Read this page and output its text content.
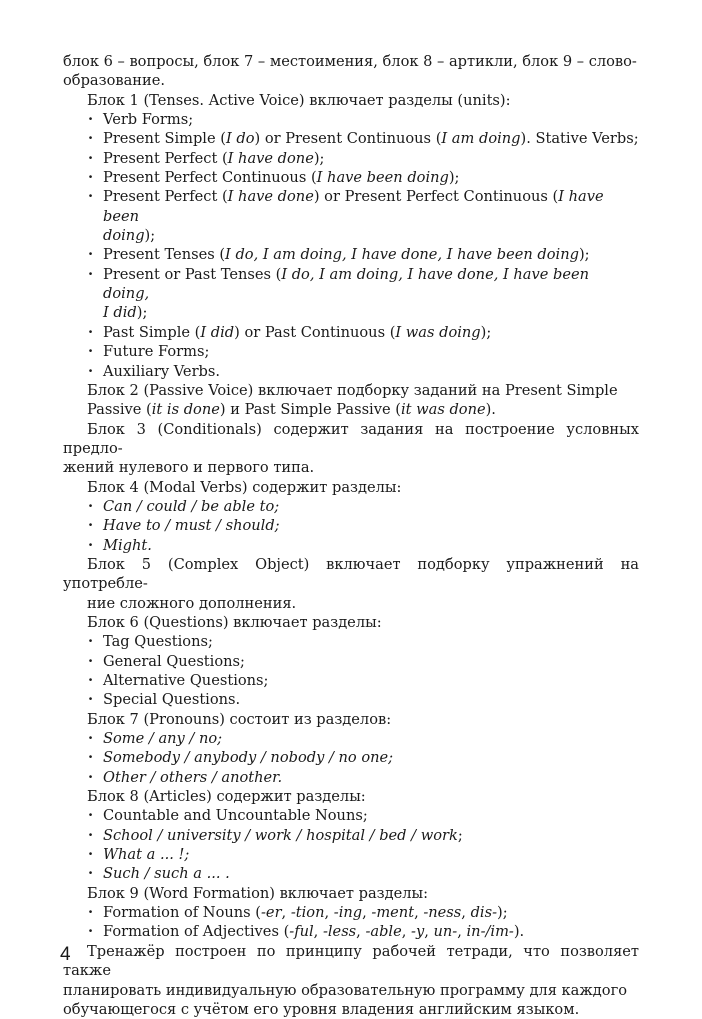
блок 6 – вопросы, блок 7 – местоимения, блок 8 – артикли, блок 9 – слово-
образование.

Блок 1 (Tenses. Active Voice) включает разделы (units):

· Verb Forms;
· Present Simple (I do) or Present Continuous (I am doing). Stative Verbs;
· Present Perfect (I have done);
· Present Perfect Continuous (I have been doing);
· Present Perfect (I have done) or Present Perfect Continuous (I have been
doing);
· Present Tenses (I do, I am doing, I have done, I have been doing);
· Present or Past Tenses (I do, I am doing, I have done, I have been doing,
I did);
· Past Simple (I did) or Past Continuous (I was doing);
· Future Forms;
· Auxiliary Verbs.

Блок 2 (Passive Voice) включает подборку заданий на Present Simple
Passive (it is done) и Past Simple Passive (it was done).

Блок 3 (Conditionals) содержит задания на построение условных предло-
жений нулевого и первого типа.

Блок 4 (Modal Verbs) содержит разделы:

· Can / could / be able to;
· Have to / must / should;
· Might.

Блок 5 (Complex Object) включает подборку упражнений на употребле-
ние сложного дополнения.

Блок 6 (Questions) включает разделы:

· Tag Questions;
· General Questions;
· Alternative Questions;
· Special Questions.

Блок 7 (Pronouns) состоит из разделов:

· Some / any / no;
· Somebody / anybody / nobody / no one;
· Other / others / another.

Блок 8 (Articles) содержит разделы:

· Countable and Uncountable Nouns;
· School / university / work / hospital / bed / work;
· What a ... !;
· Such / such a ... .

Блок 9 (Word Formation) включает разделы:

· Formation of Nouns (-er, -tion, -ing, -ment, -ness, dis-);
· Formation of Adjectives (-ful, -less, -able, -y, un-, in-/im-).

Тренажёр построен по принципу рабочей тетради, что позволяет также
планировать индивидуальную образовательную программу для каждого
обучающегося с учётом его уровня владения английским языком.

4
